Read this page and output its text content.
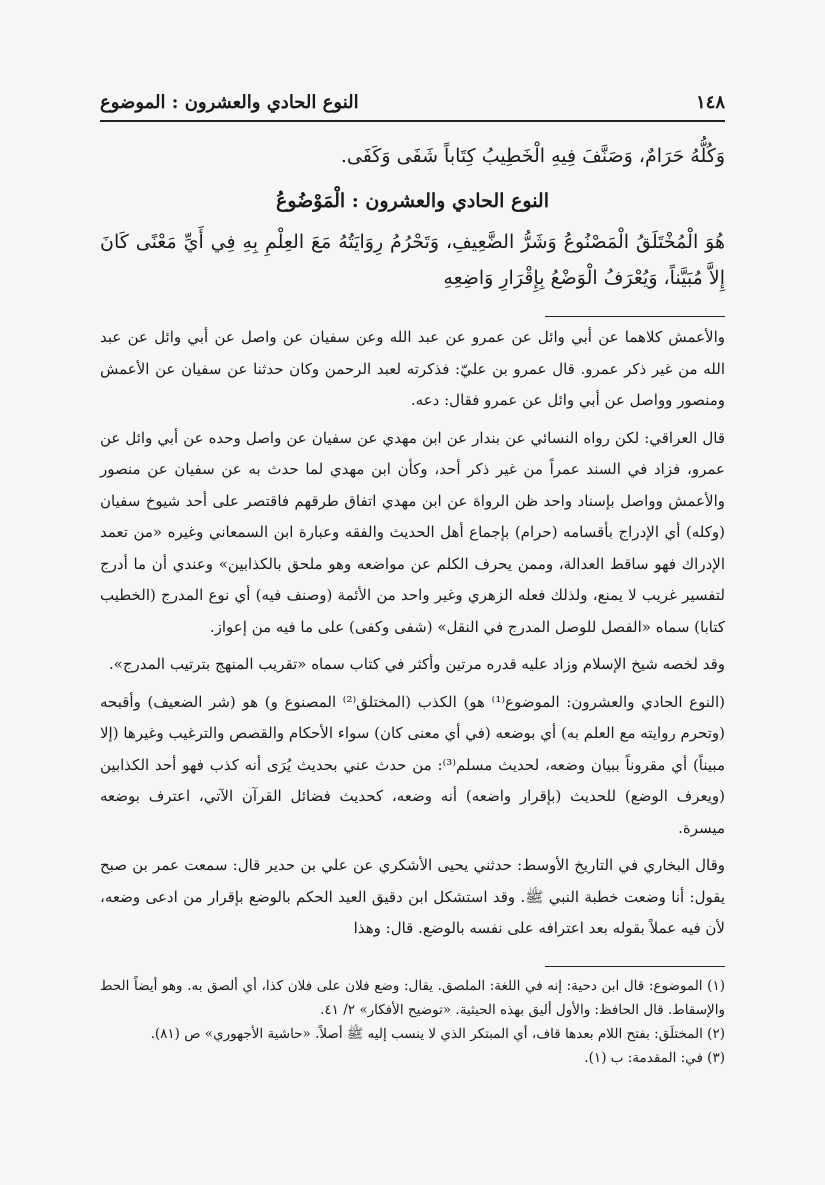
١٤٨
النوع الحادي والعشرون : الموضوع
وَكُلُّهُ حَرَامٌ، وَصَنَّفَ فِيهِ الْخَطِيبُ كِتَاباً شَفَى وَكَفَى.
النوع الحادي والعشرون : الْمَوْضُوعُ
هُوَ الْمُخْتَلَقُ الْمَصْنُوعُ وَشَرُّ الضَّعِيفِ، وَتَحْرُمُ رِوَايَتُهُ مَعَ العِلْمِ بِهِ فِي أَيِّ مَعْنًى كَانَ إِلاَّ مُبَيَّناً، وَيُعْرَفُ الْوَضْعُ بِإِقْرَارِ وَاضِعِهِ

والأعمش كلاهما عن أبي وائل عن عمرو عن عبد الله وعن سفيان عن واصل عن أبي وائل عن عبد الله من غير ذكر عمرو. قال عمرو بن عليّ: فذكرته لعبد الرحمن وكان حدثنا عن سفيان عن الأعمش ومنصور وواصل عن أبي وائل عن عمرو فقال: دعه.

قال العراقي: لكن رواه النسائي عن بندار عن ابن مهدي عن سفيان عن واصل وحده عن أبي وائل عن عمرو، فزاد في السند عمراً من غير ذكر أحد، وكأن ابن مهدي لما حدث به عن سفيان عن منصور والأعمش وواصل بإسناد واحد ظن الرواة عن ابن مهدي اتفاق طرقهم فاقتصر على أحد شيوخ سفيان (وكله) أي الإدراج بأقسامه (حرام) بإجماع أهل الحديث والفقه وعبارة ابن السمعاني وغيره «من تعمد الإدراك فهو ساقط العدالة، وممن يحرف الكلم عن مواضعه وهو ملحق بالكذابين» وعندي أن ما أدرج لتفسير غريب لا يمنع، ولذلك فعله الزهري وغير واحد من الأئمة (وصنف فيه) أي نوع المدرج (الخطيب كتابا) سماه «الفصل للوصل المدرج في النقل» (شفى وكفى) على ما فيه من إعواز.

وقد لخصه شيخ الإسلام وزاد عليه قدره مرتين وأكثر في كتاب سماه «تقريب المنهج بترتيب المدرج».

(النوع الحادي والعشرون: الموضوع⁽¹⁾ هو) الكذب (المختلق⁽²⁾ المصنوع و) هو (شر الضعيف) وأقبحه (وتحرم روايته مع العلم به) أي بوضعه (في أي معنى كان) سواء الأحكام والقصص والترغيب وغيرها (إلا مبيناً) أي مقروناً ببيان وضعه، لحديث مسلم⁽³⁾: من حدث عني بحديث يُرَى أنه كذب فهو أحد الكذابين (ويعرف الوضع) للحديث (بإقرار واضعه) أنه وضعه، كحديث فضائل القرآن الآتي، اعترف بوضعه ميسرة.

وقال البخاري في التاريخ الأوسط: حدثني يحيى الأشكري عن علي بن حدير قال: سمعت عمر بن صبح يقول: أنا وضعت خطبة النبي ﷺ. وقد استشكل ابن دقيق العيد الحكم بالوضع بإقرار من ادعى وضعه، لأن فيه عملاً بقوله بعد اعترافه على نفسه بالوضع. قال: وهذا

(١) الموضوع: قال ابن دحية: إنه في اللغة: الملصق. يقال: وضع فلان على فلان كذا، أي ألصق به. وهو أيضاً الحط والإسقاط. قال الحافظ: والأول أليق بهذه الحيثية. «توضيح الأفكار» ٢/ ٤١.

(٢) المختلَق: بفتح اللام بعدها قاف، أي المبتكر الذي لا ينسب إليه ﷺ أصلاً. «حاشية الأجهوري» ص (٨١).

(٣) في: المقدمة: ب (١).
